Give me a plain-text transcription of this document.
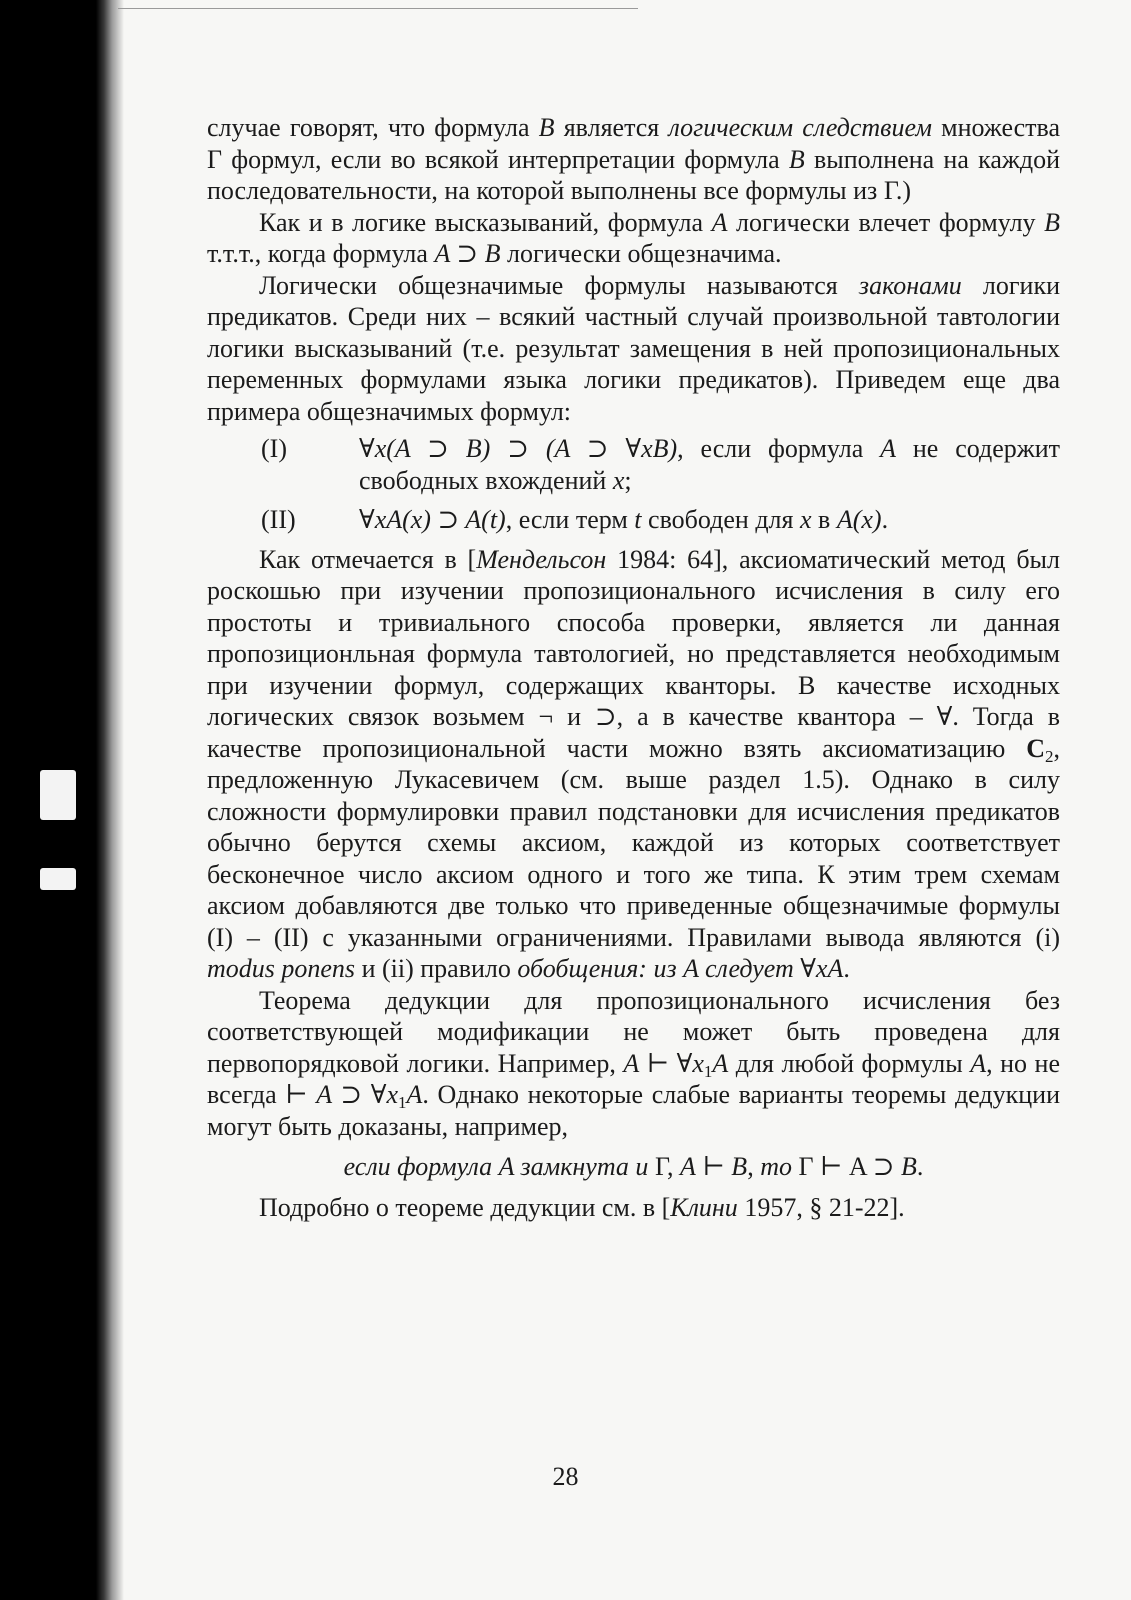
случае говорят, что формула B является логическим следствием множества Г формул, если во всякой интерпретации формула B выполнена на каждой последовательности, на которой выполнены все формулы из Г.)

Как и в логике высказываний, формула A логически влечет формулу B т.т.т., когда формула A ⊃ B логически общезначима.

Логически общезначимые формулы называются законами логики предикатов. Среди них – всякий частный случай произвольной тавтологии логики высказываний (т.е. результат замещения в ней пропозициональных переменных формулами языка логики предикатов). Приведем еще два примера общезначимых формул:

(I)	∀x(A ⊃ B) ⊃ (A ⊃ ∀xB), если формула A не содержит свободных вхождений x;
(II)	∀xA(x) ⊃ A(t), если терм t свободен для x в A(x).

Как отмечается в [Мендельсон 1984: 64], аксиоматический метод был роскошью при изучении пропозиционального исчисления в силу его простоты и тривиального способа проверки, является ли данная пропозиционльная формула тавтологией, но представляется необходимым при изучении формул, содержащих кванторы. В качестве исходных логических связок возьмем ¬ и ⊃, а в качестве квантора – ∀. Тогда в качестве пропозициональной части можно взять аксиоматизацию $C_2$, предложенную Лукасевичем (см. выше раздел 1.5). Однако в силу сложности формулировки правил подстановки для исчисления предикатов обычно берутся схемы аксиом, каждой из которых соответствует бесконечное число аксиом одного и того же типа. К этим трем схемам аксиом добавляются две только что приведенные общезначимые формулы (I) – (II) с указанными ограничениями. Правилами вывода являются (i) modus ponens и (ii) правило обобщения: из A следует ∀xA.

Теорема дедукции для пропозиционального исчисления без соответствующей модификации не может быть проведена для первопорядковой логики. Например, A ⊢ $\forall x_1A$ для любой формулы A, но не всегда ⊢ A ⊃ $\forall x_1A$. Однако некоторые слабые варианты теоремы дедукции могут быть доказаны, например,

если формула A замкнута и Г, A ⊢ B, то Г ⊢ A ⊃ B.

Подробно о теореме дедукции см. в [Клини 1957, § 21-22].

28
